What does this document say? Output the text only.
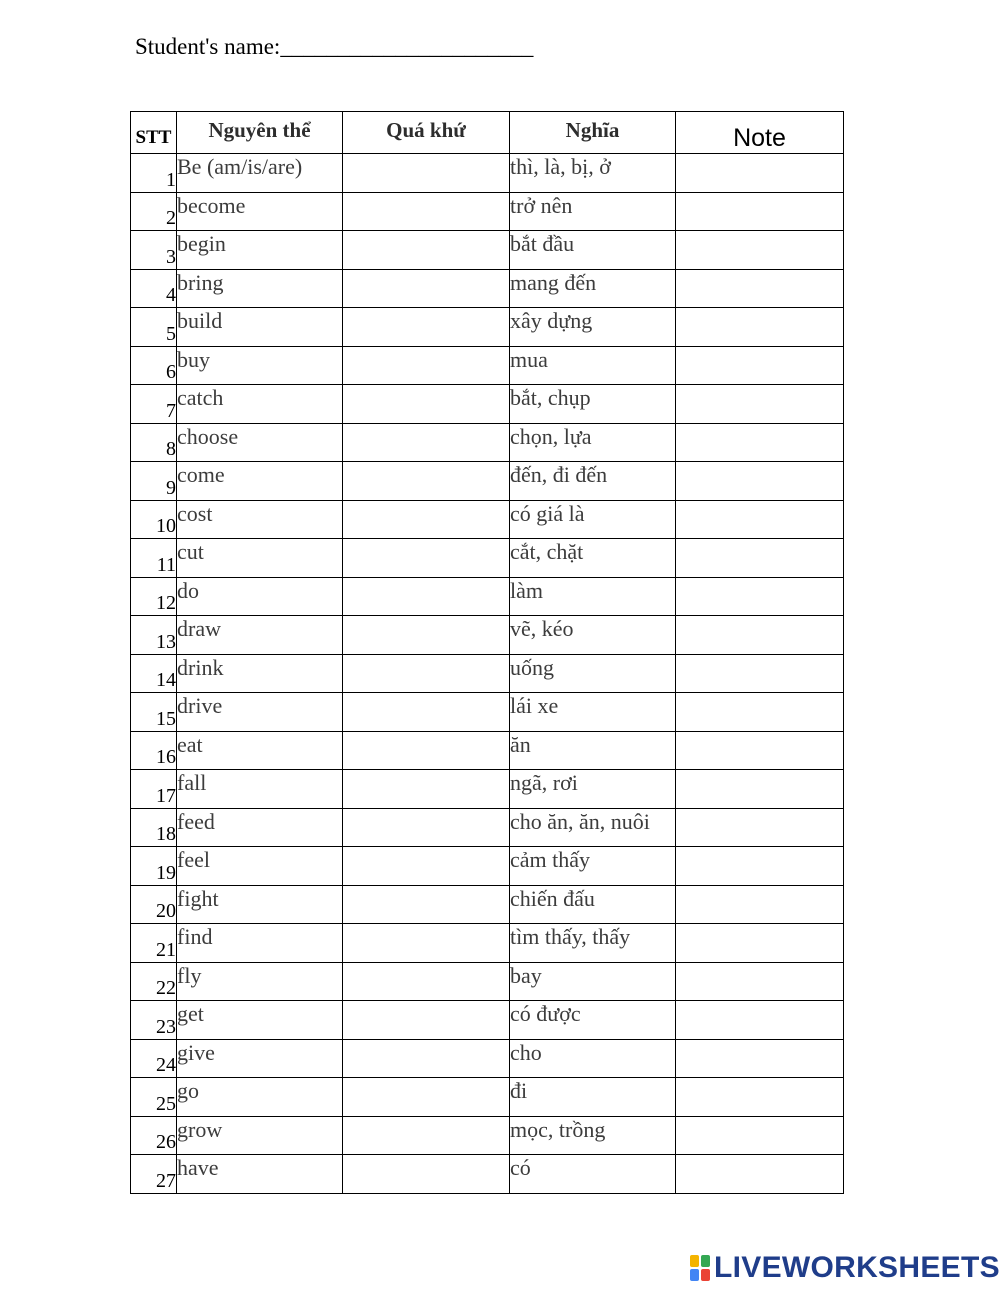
Student's name:______________________
STT	Nguyên thể	Quá khứ	Nghĩa	Note
1	Be (am/is/are)		thì, là, bị, ở	
2	become		trở nên	
3	begin		bắt đầu	
4	bring		mang đến	
5	build		xây dựng	
6	buy		mua	
7	catch		bắt, chụp	
8	choose		chọn, lựa	
9	come		đến, đi đến	
10	cost		có giá là	
11	cut		cắt, chặt	
12	do		làm	
13	draw		vẽ, kéo	
14	drink		uống	
15	drive		lái xe	
16	eat		ăn	
17	fall		ngã, rơi	
18	feed		cho ăn, ăn, nuôi	
19	feel		cảm thấy	
20	fight		chiến đấu	
21	find		tìm thấy, thấy	
22	fly		bay	
23	get		có được	
24	give		cho	
25	go		đi	
26	grow		mọc, trồng	
27	have		có	
LIVEWORKSHEETS
